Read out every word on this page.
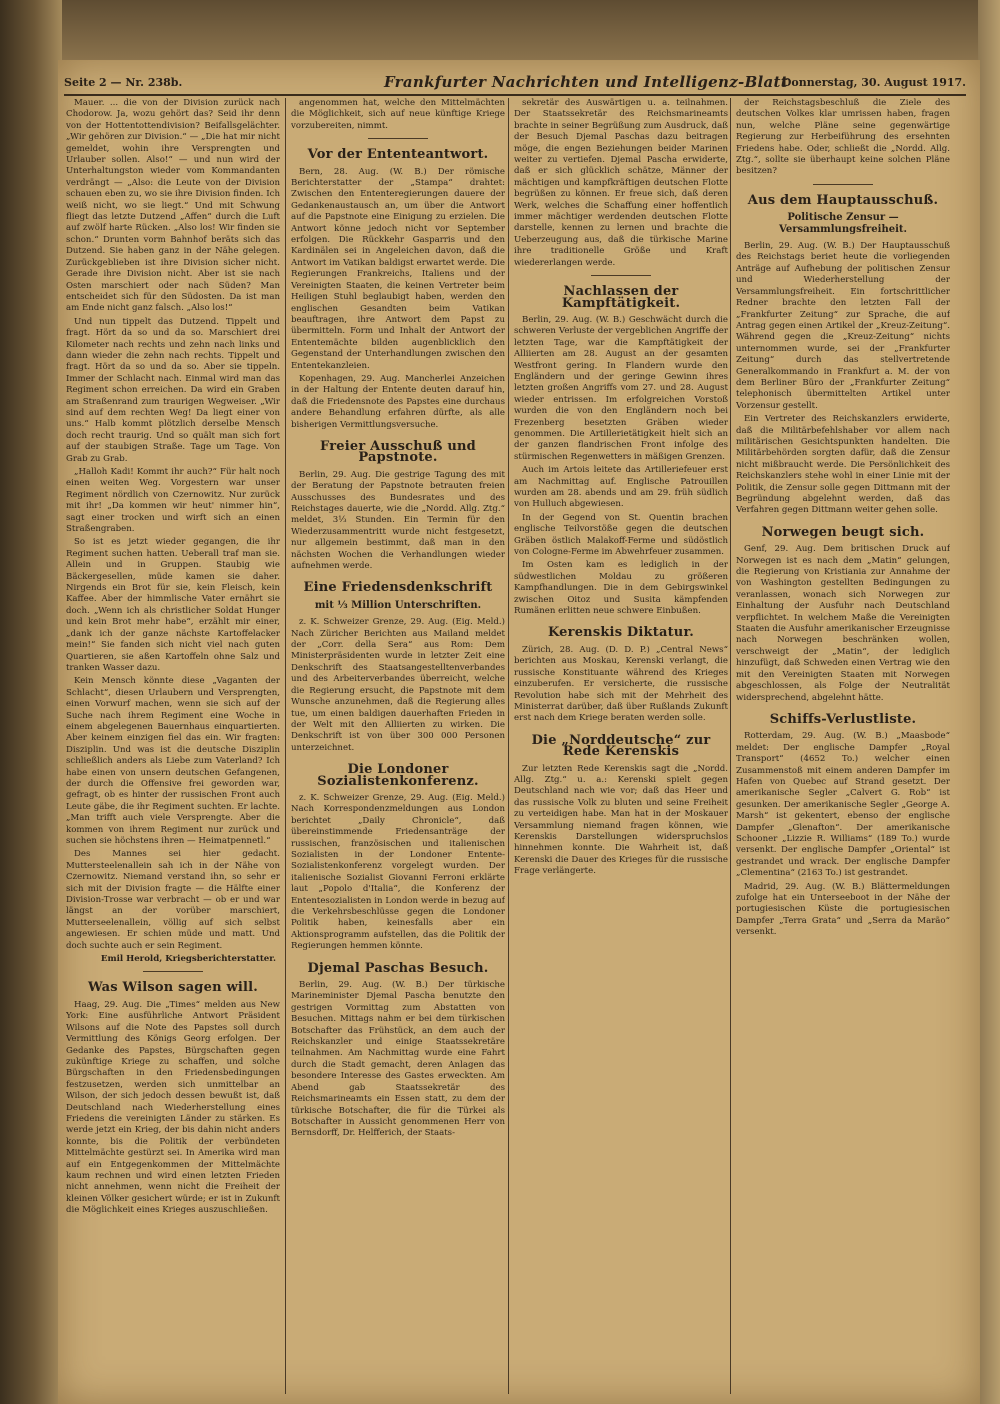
Seite 2 — Nr. 238b.	Frankfurter Nachrichten und Intelligenz-Blatt
Donnerstag, 30. August 1917.

Mauer. ... die von der Division zurück nach Chodorow. Ja, wozu gehört das? Seid ihr denn von der Hottentottendivision? Beifallsgelächter. „Wir gehören zur Division.“ — „Die hat mir nicht gemeldet, wohin ihre Versprengten und Urlauber sollen. Also!“ — und nun wird der Unterhaltungston wieder vom Kommandanten verdrängt — „Also: die Leute von der Division schauen eben zu, wo sie ihre Division finden. Ich weiß nicht, wo sie liegt.“ Und mit Schwung fliegt das letzte Dutzend „Affen“ durch die Luft auf zwölf harte Rücken. „Also los! Wir finden sie schon.“ Drunten vorm Bahnhof beräts sich das Dutzend. Sie haben ganz in der Nähe gelegen. Zurückgeblieben ist ihre Division sicher nicht. Gerade ihre Division nicht. Aber ist sie nach Osten marschiert oder nach Süden? Man entscheidet sich für den Südosten. Da ist man am Ende nicht ganz falsch. „Also los!“

Und nun tippelt das Dutzend. Tippelt und fragt. Hört da so und da so. Marschiert drei Kilometer nach rechts und zehn nach links und dann wieder die zehn nach rechts. Tippelt und fragt. Hört da so und da so. Aber sie tippeln. Immer der Schlacht nach. Einmal wird man das Regiment schon erreichen. Da wird ein Graben am Straßenrand zum traurigen Wegweiser. „Wir sind auf dem rechten Weg! Da liegt einer von uns.“ Halb kommt plötzlich derselbe Mensch doch recht traurig. Und so quält man sich fort auf der staubigen Straße. Tage um Tage. Von Grab zu Grab.

„Halloh Kadi! Kommt ihr auch?“ Für halt noch einen weiten Weg. Vorgestern war unser Regiment nördlich von Czernowitz. Nur zurück mit ihr! „Da kommen wir heut' nimmer hin“, sagt einer trocken und wirft sich an einen Straßengraben.

So ist es jetzt wieder gegangen, die ihr Regiment suchen hatten. Ueberall traf man sie. Allein und in Gruppen. Staubig wie Bäckergesellen, müde kamen sie daher. Nirgends ein Brot für sie, kein Fleisch, kein Kaffee. Aber der himmlische Vater ernährt sie doch. „Wenn ich als christlicher Soldat Hunger und kein Brot mehr habe“, erzählt mir einer, „dank ich der ganze nächste Kartoffelacker mein!“ Sie fanden sich nicht viel nach guten Quartieren, sie aßen Kartoffeln ohne Salz und tranken Wasser dazu.

Kein Mensch könnte diese „Vaganten der Schlacht“, diesen Urlaubern und Versprengten, einen Vorwurf machen, wenn sie sich auf der Suche nach ihrem Regiment eine Woche in einem abgelegenen Bauernhaus einquartierten. Aber keinem einzigen fiel das ein. Wir fragten: Disziplin. Und was ist die deutsche Disziplin schließlich anders als Liebe zum Vaterland? Ich habe einen von unsern deutschen Gefangenen, der durch die Offensive frei geworden war, gefragt, ob es hinter der russischen Front auch Leute gäbe, die ihr Regiment suchten. Er lachte. „Man trifft auch viele Versprengte. Aber die kommen von ihrem Regiment nur zurück und suchen sie höchstens ihren — Heimatpennetl.“

Des Mannes sei hier gedacht. Muttersteelenallein sah ich in der Nähe von Czernowitz. Niemand verstand ihn, so sehr er sich mit der Division fragte — die Hälfte einer Division-Trosse war verbracht — ob er und war längst an der vorüber marschiert, Mutterseelenallein, völlig auf sich selbst angewiesen. Er schien müde und matt. Und doch suchte auch er sein Regiment.

Emil Herold, Kriegsberichterstatter.
Was Wilson sagen will.

Haag, 29. Aug. Die „Times“ melden aus New York: Eine ausführliche Antwort Präsident Wilsons auf die Note des Papstes soll durch Vermittlung des Königs Georg erfolgen. Der Gedanke des Papstes, Bürgschaften gegen zukünftige Kriege zu schaffen, und solche Bürgschaften in den Friedensbedingungen festzusetzen, werden sich unmittelbar an Wilson, der sich jedoch dessen bewußt ist, daß Deutschland nach Wiederherstellung eines Friedens die vereinigten Länder zu stärken. Es werde jetzt ein Krieg, der bis dahin nicht anders konnte, bis die Politik der verbündeten Mittelmächte gestürzt sei. In Amerika wird man auf ein Entgegenkommen der Mittelmächte kaum rechnen und wird einen letzten Frieden nicht annehmen, wenn nicht die Freiheit der kleinen Völker gesichert würde; er ist in Zukunft die Möglichkeit eines Krieges auszuschließen.

angenommen hat, welche den Mittelmächten die Möglichkeit, sich auf neue künftige Kriege vorzubereiten, nimmt.

Vor der Ententeantwort.

Bern, 28. Aug. (W. B.) Der römische Berichterstatter der „Stampa“ drahtet: Zwischen den Ententeregierungen dauere der Gedankenaustausch an, um über die Antwort auf die Papstnote eine Einigung zu erzielen. Die Antwort könne jedoch nicht vor September erfolgen. Die Rückkehr Gasparris und den Kardinälen sei in Angeleichen davon, daß die Antwort im Vatikan baldigst erwartet werde. Die Regierungen Frankreichs, Italiens und der Vereinigten Staaten, die keinen Vertreter beim Heiligen Stuhl beglaubigt haben, werden den englischen Gesandten beim Vatikan beauftragen, ihre Antwort dem Papst zu übermitteln. Form und Inhalt der Antwort der Ententemächte bilden augenblicklich den Gegenstand der Unterhandlungen zwischen den Ententekanzleien.

Kopenhagen, 29. Aug. Mancherlei Anzeichen in der Haltung der Entente deuten darauf hin, daß die Friedensnote des Papstes eine durchaus andere Behandlung erfahren dürfte, als alle bisherigen Vermittlungsversuche.

Freier Ausschuß und Papstnote.

Berlin, 29. Aug. Die gestrige Tagung des mit der Beratung der Papstnote betrauten freien Ausschusses des Bundesrates und des Reichstages dauerte, wie die „Nordd. Allg. Ztg.“ meldet, 3⅓ Stunden. Ein Termin für den Wiederzusammentritt wurde nicht festgesetzt, nur allgemein bestimmt, daß man in den nächsten Wochen die Verhandlungen wieder aufnehmen werde.

Eine Friedensdenkschrift
mit ⅓ Million Unterschriften.

z. K. Schweizer Grenze, 29. Aug. (Eig. Meld.) Nach Züricher Berichten aus Mailand meldet der „Corr. della Sera“ aus Rom: Dem Ministerpräsidenten wurde in letzter Zeit eine Denkschrift des Staatsangestelltenverbandes und des Arbeiterverbandes überreicht, welche die Regierung ersucht, die Papstnote mit dem Wunsche anzunehmen, daß die Regierung alles tue, um einen baldigen dauerhaften Frieden in der Welt mit den Alliierten zu wirken. Die Denkschrift ist von über 300 000 Personen unterzeichnet.

Die Londoner Sozialistenkonferenz.

z. K. Schweizer Grenze, 29. Aug. (Eig. Meld.) Nach Korrespondenzmeldungen aus London berichtet „Daily Chronicle“, daß übereinstimmende Friedensanträge der russischen, französischen und italienischen Sozialisten in der Londoner Entente-Sozialistenkonferenz vorgelegt wurden. Der italienische Sozialist Giovanni Ferroni erklärte laut „Popolo d'Italia“, die Konferenz der Ententesozialisten in London werde in bezug auf die Verkehrsbeschlüsse gegen die Londoner Politik haben, keinesfalls aber ein Aktionsprogramm aufstellen, das die Politik der Regierungen hemmen könnte.

Djemal Paschas Besuch.

Berlin, 29. Aug. (W. B.) Der türkische Marineminister Djemal Pascha benutzte den gestrigen Vormittag zum Abstatten von Besuchen. Mittags nahm er bei dem türkischen Botschafter das Frühstück, an dem auch der Reichskanzler und einige Staatssekretäre teilnahmen. Am Nachmittag wurde eine Fahrt durch die Stadt gemacht, deren Anlagen das besondere Interesse des Gastes erweckten. Am Abend gab Staatssekretär des Reichsmarineamts ein Essen statt, zu dem der türkische Botschafter, die für die Türkei als Botschafter in Aussicht genommenen Herr von Bernsdorff, Dr. Helfferich, der Staats-

sekretär des Auswärtigen u. a. teilnahmen. Der Staatssekretär des Reichsmarineamts brachte in seiner Begrüßung zum Ausdruck, daß der Besuch Djemal Paschas dazu beitragen möge, die engen Beziehungen beider Marinen weiter zu vertiefen. Djemal Pascha erwiderte, daß er sich glücklich schätze, Männer der mächtigen und kampfkräftigen deutschen Flotte begrüßen zu können. Er freue sich, daß deren Werk, welches die Schaffung einer hoffentlich immer mächtiger werdenden deutschen Flotte darstelle, kennen zu lernen und brachte die Ueberzeugung aus, daß die türkische Marine ihre traditionelle Größe und Kraft wiedererlangen werde.

Nachlassen der Kampftätigkeit.

Berlin, 29. Aug. (W. B.) Geschwächt durch die schweren Verluste der vergeblichen Angriffe der letzten Tage, war die Kampftätigkeit der Alliierten am 28. August an der gesamten Westfront gering. In Flandern wurde den Engländern und der geringe Gewinn ihres letzten großen Angriffs vom 27. und 28. August wieder entrissen. Im erfolgreichen Vorstoß wurden die von den Engländern noch bei Frezenberg besetzten Gräben wieder genommen. Die Artillerietätigkeit hielt sich an der ganzen flandrischen Front infolge des stürmischen Regenwetters in mäßigen Grenzen.

Auch im Artois leitete das Artilleriefeuer erst am Nachmittag auf. Englische Patrouillen wurden am 28. abends und am 29. früh südlich von Hulluch abgewiesen.

In der Gegend von St. Quentin brachen englische Teilvorstöße gegen die deutschen Gräben östlich Malakoff-Ferme und südöstlich von Cologne-Ferme im Abwehrfeuer zusammen.

Im Osten kam es lediglich in der südwestlichen Moldau zu größeren Kampfhandlungen. Die in dem Gebirgswinkel zwischen Oitoz und Susita kämpfenden Rumänen erlitten neue schwere Einbußen.

Kerenskis Diktatur.

Zürich, 28. Aug. (D. D. P.) „Central News“ berichten aus Moskau, Kerenski verlangt, die russische Konstituante während des Krieges einzuberufen. Er versicherte, die russische Revolution habe sich mit der Mehrheit des Ministerrat darüber, daß über Rußlands Zukunft erst nach dem Kriege beraten werden solle.

Die „Norddeutsche“ zur Rede Kerenskis

Zur letzten Rede Kerenskis sagt die „Nordd. Allg. Ztg.“ u. a.: Kerenski spielt gegen Deutschland nach wie vor; daß das Heer und das russische Volk zu bluten und seine Freiheit zu verteidigen habe. Man hat in der Moskauer Versammlung niemand fragen können, wie Kerenskis Darstellungen widerspruchslos hinnehmen konnte. Die Wahrheit ist, daß Kerenski die Dauer des Krieges für die russische Frage verlängerte.

der Reichstagsbeschluß die Ziele des deutschen Volkes klar umrissen haben, fragen nun, welche Pläne seine gegenwärtige Regierung zur Herbeiführung des ersehnten Friedens habe. Oder, schließt die „Nordd. Allg. Ztg.“, sollte sie überhaupt keine solchen Pläne besitzen?

Aus dem Hauptausschuß.
Politische Zensur — Versammlungsfreiheit.

Berlin, 29. Aug. (W. B.) Der Hauptausschuß des Reichstags beriet heute die vorliegenden Anträge auf Aufhebung der politischen Zensur und Wiederherstellung der Versammlungsfreiheit. Ein fortschrittlicher Redner brachte den letzten Fall der „Frankfurter Zeitung“ zur Sprache, die auf Antrag gegen einen Artikel der „Kreuz-Zeitung“. Während gegen die „Kreuz-Zeitung“ nichts unternommen wurde, sei der „Frankfurter Zeitung“ durch das stellvertretende Generalkommando in Frankfurt a. M. der von dem Berliner Büro der „Frankfurter Zeitung“ telephonisch übermittelten Artikel unter Vorzensur gestellt.

Ein Vertreter des Reichskanzlers erwiderte, daß die Militärbefehlshaber vor allem nach militärischen Gesichtspunkten handelten. Die Militärbehörden sorgten dafür, daß die Zensur nicht mißbraucht werde. Die Persönlichkeit des Reichskanzlers stehe wohl in einer Linie mit der Politik, die Zensur solle gegen Dittmann mit der Begründung abgelehnt werden, daß das Verfahren gegen Dittmann weiter gehen solle.

Norwegen beugt sich.

Genf, 29. Aug. Dem britischen Druck auf Norwegen ist es nach dem „Matin“ gelungen, die Regierung von Kristiania zur Annahme der von Washington gestellten Bedingungen zu veranlassen, wonach sich Norwegen zur Einhaltung der Ausfuhr nach Deutschland verpflichtet. In welchem Maße die Vereinigten Staaten die Ausfuhr amerikanischer Erzeugnisse nach Norwegen beschränken wollen, verschweigt der „Matin“, der lediglich hinzufügt, daß Schweden einen Vertrag wie den mit den Vereinigten Staaten mit Norwegen abgeschlossen, als Folge der Neutralität widersprechend, abgelehnt hätte.

Schiffs-Verlustliste.

Rotterdam, 29. Aug. (W. B.) „Maasbode“ meldet: Der englische Dampfer „Royal Transport“ (4652 To.) welcher einen Zusammenstoß mit einem anderen Dampfer im Hafen von Quebec auf Strand gesetzt. Der amerikanische Segler „Calvert G. Rob“ ist gesunken. Der amerikanische Segler „George A. Marsh“ ist gekentert, ebenso der englische Dampfer „Glenafton“. Der amerikanische Schooner „Lizzie R. Williams“ (189 To.) wurde versenkt. Der englische Dampfer „Oriental“ ist gestrandet und wrack. Der englische Dampfer „Clementina“ (2163 To.) ist gestrandet.

Madrid, 29. Aug. (W. B.) Blättermeldungen zufolge hat ein Unterseeboot in der Nähe der portugiesischen Küste die portugiesischen Dampfer „Terra Grata“ und „Serra da Marão“ versenkt.
